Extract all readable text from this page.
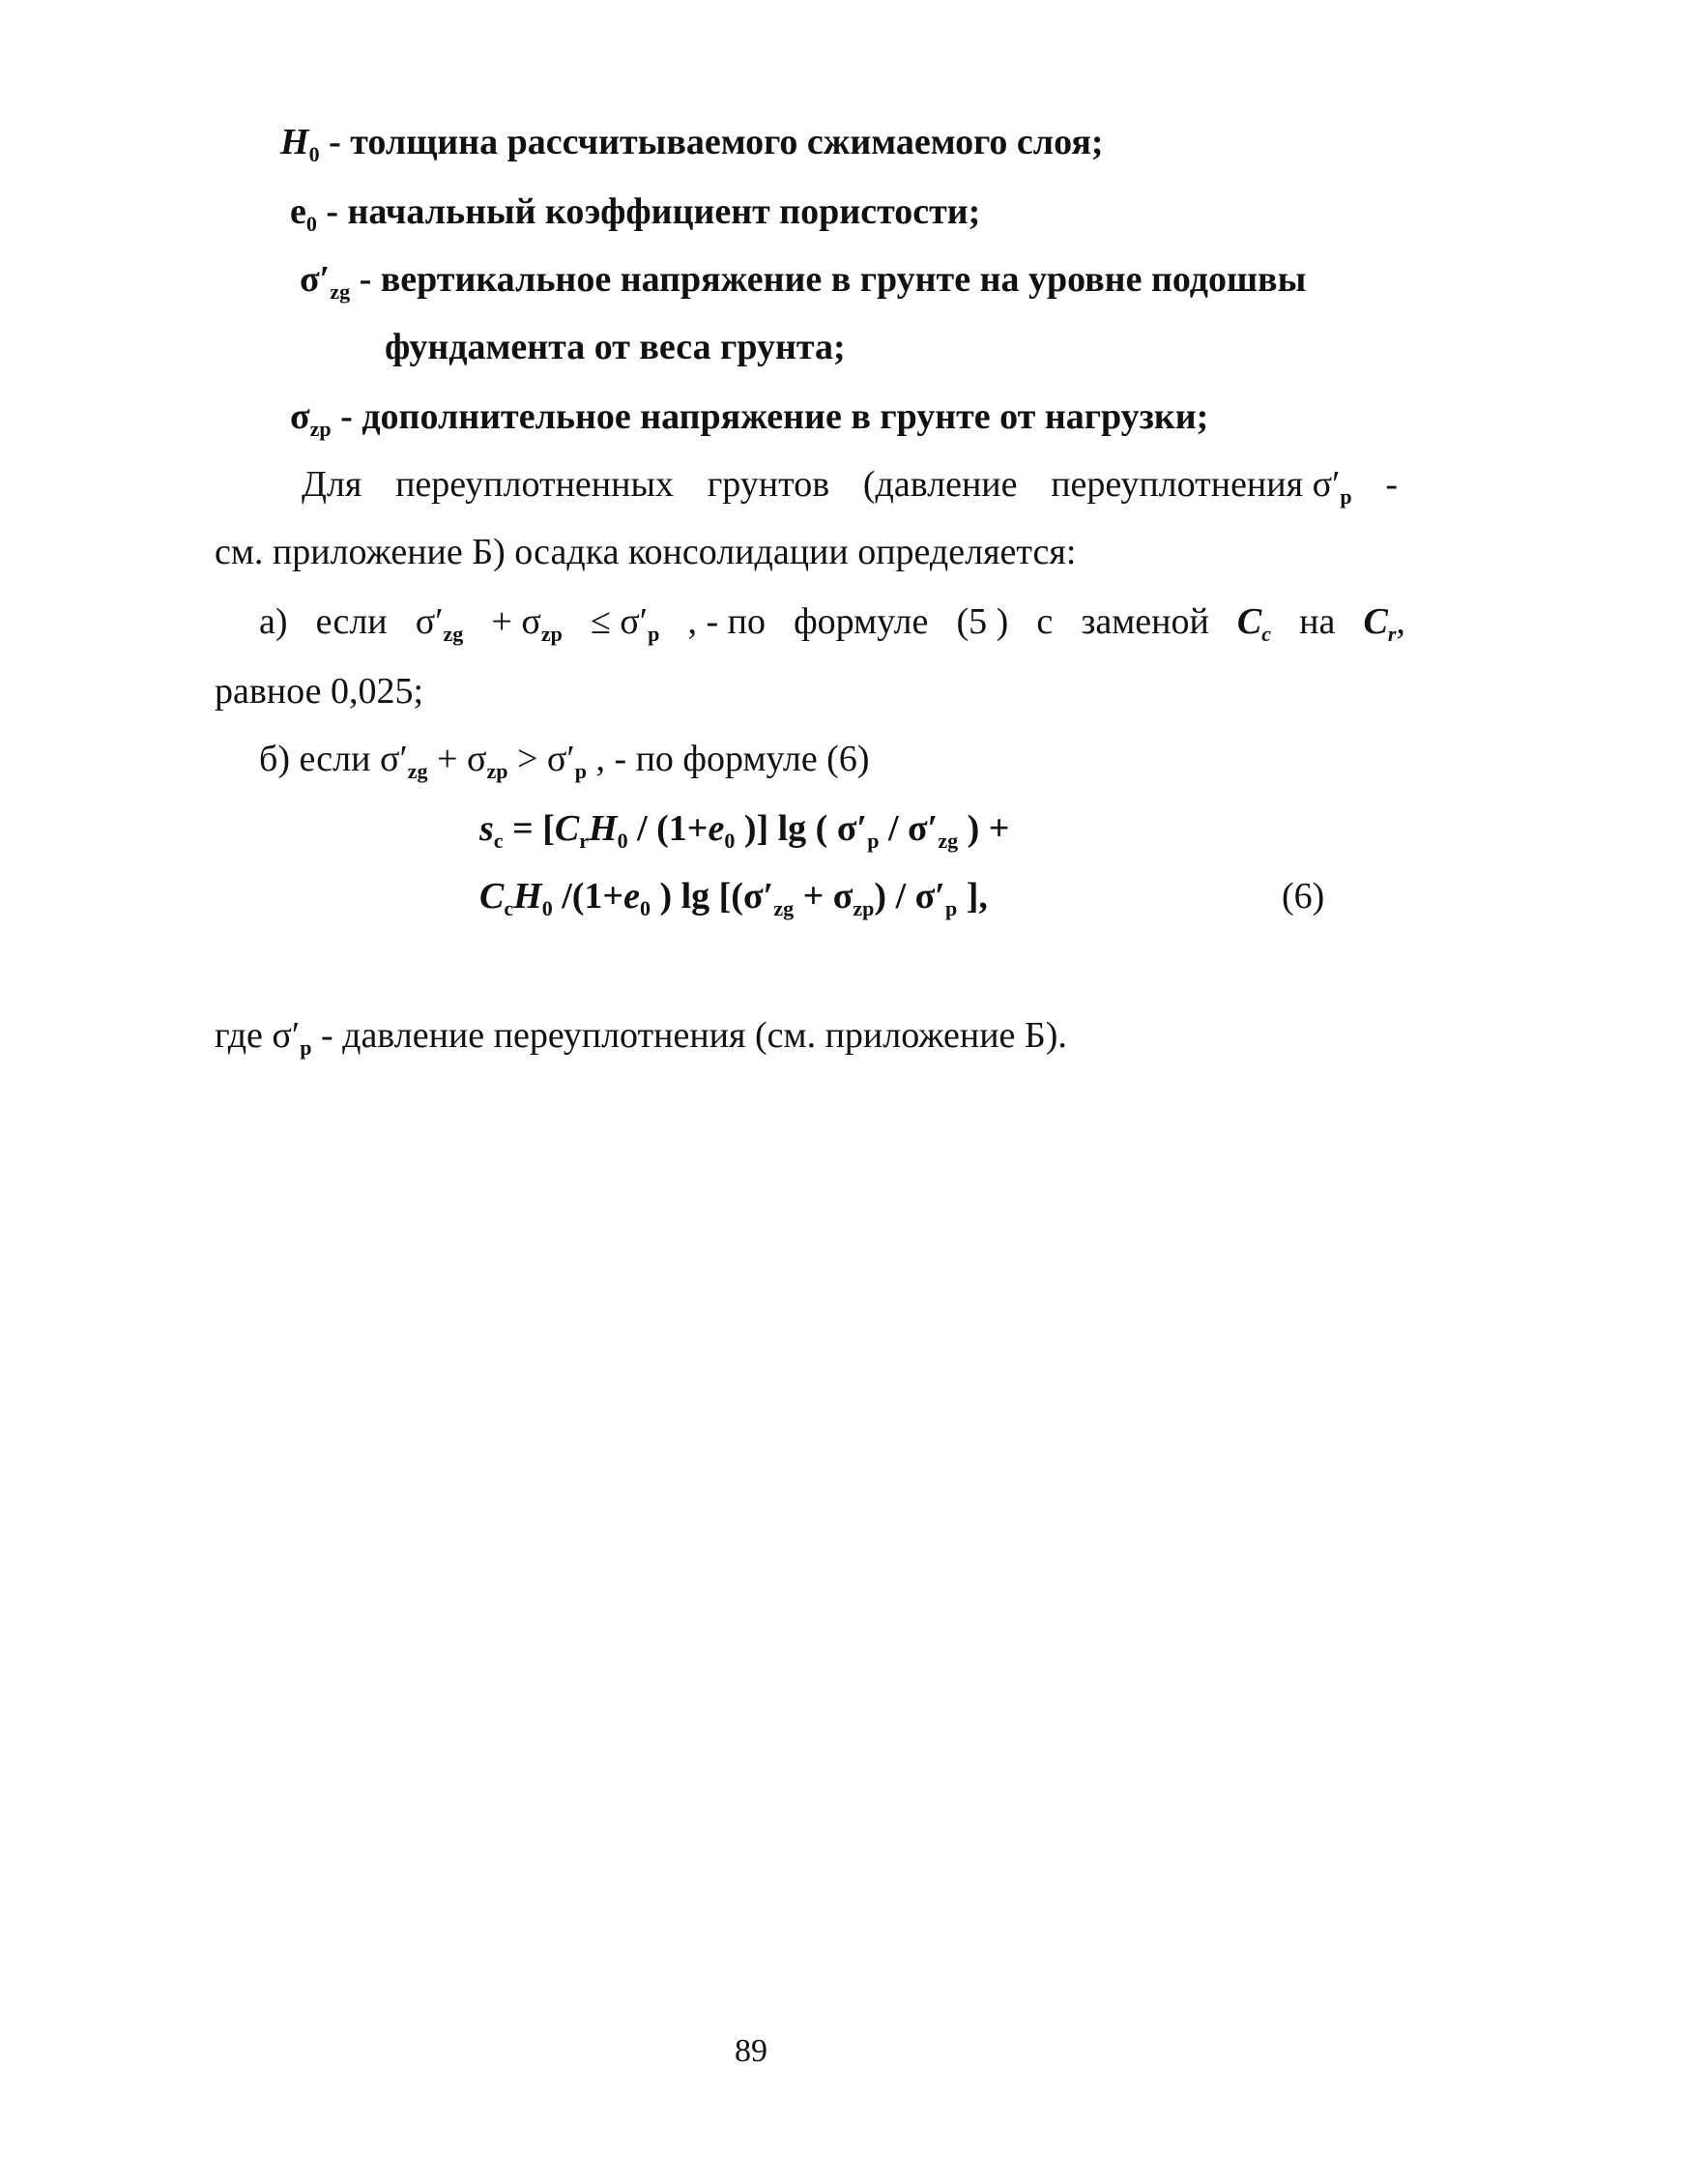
$H_0$ - толщина рассчитываемого сжимаемого слоя;
$e_0$ - начальный коэффициент пористости;
$\sigma'_{zg}$ - вертикальное напряжение в грунте на уровне подошвы
фундамента от веса грунта;
$\sigma_{zp}$ - дополнительное напряжение в грунте от нагрузки;
Для переуплотненных грунтов (давление переуплотнения $\sigma'_p$ -
см. приложение Б) осадка консолидации определяется:
а) если $\sigma'_{zg} + \sigma_{zp} \le \sigma'_p$ , - по формуле (5 ) с заменой $C_c$ на $C_r$,
равное 0,025;
б) если $\sigma'_{zg} + \sigma_{zp} > \sigma'_p$ , - по формуле (6)
$s_c = [C_rH_0 / (1+e_0$ )] lg ( $\sigma'_p / \sigma'_{zg}$ ) +
$C_cH_0$ $/(1+e_0$ ) $\lg [(\sigma'_{zg} + \sigma_{zp}) / \sigma'_p$ ],	(6)
где $\sigma'_p$ - давление переуплотнения (см. приложение Б).
89
